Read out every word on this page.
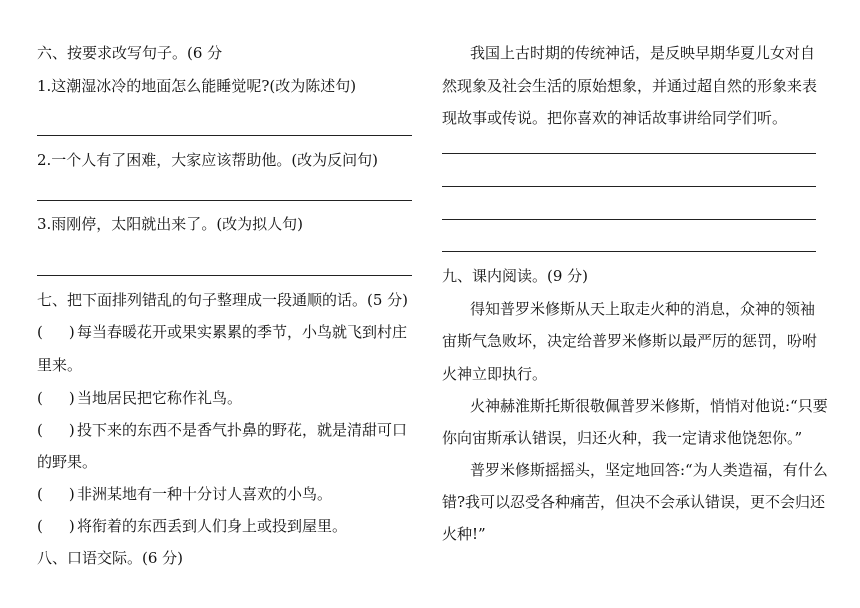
六、按要求改写句子。(6 分
1.这潮湿冰冷的地面怎么能睡觉呢?(改为陈述句)
2.一个人有了困难，大家应该帮助他。(改为反问句)
3.雨刚停，太阳就出来了。(改为拟人句)
七、把下面排列错乱的句子整理成一段通顺的话。(5 分)
( ) 每当春暖花开或果实累累的季节，小鸟就飞到村庄
里来。
( ) 当地居民把它称作礼鸟。
( ) 投下来的东西不是香气扑鼻的野花，就是清甜可口
的野果。
( ) 非洲某地有一种十分讨人喜欢的小鸟。
( ) 将衔着的东西丢到人们身上或投到屋里。
八、口语交际。(6 分)
我国上古时期的传统神话，是反映早期华夏儿女对自
然现象及社会生活的原始想象，并通过超自然的形象来表
现故事或传说。把你喜欢的神话故事讲给同学们听。
九、课内阅读。(9 分)
得知普罗米修斯从天上取走火种的消息，众神的领袖
宙斯气急败坏，决定给普罗米修斯以最严厉的惩罚，吩咐
火神立即执行。
火神赫淮斯托斯很敬佩普罗米修斯，悄悄对他说:“只要
你向宙斯承认错误，归还火种，我一定请求他饶恕你。”
普罗米修斯摇摇头，坚定地回答:“为人类造福，有什么
错?我可以忍受各种痛苦，但决不会承认错误，更不会归还
火种!”
